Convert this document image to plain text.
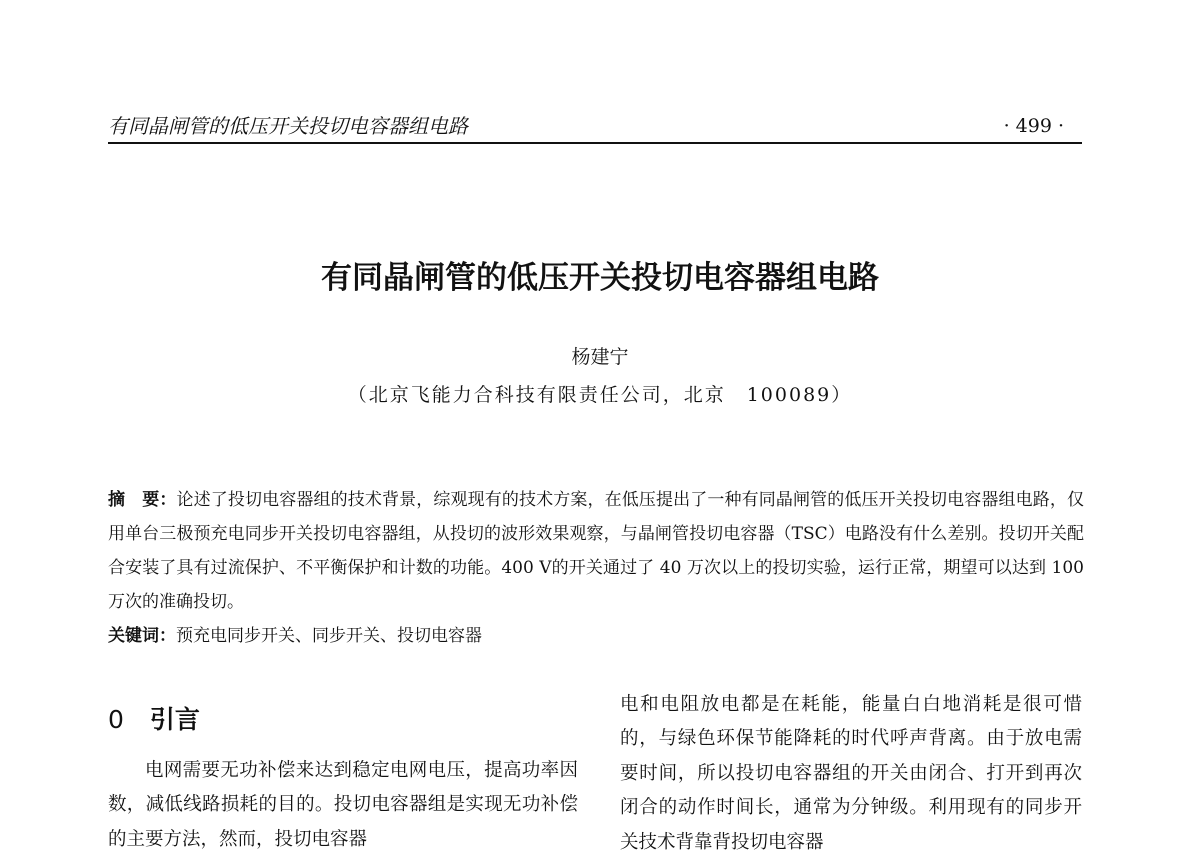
有同晶闸管的低压开关投切电容器组电路	· 499 ·
有同晶闸管的低压开关投切电容器组电路
杨建宁
（北京飞能力合科技有限责任公司，北京　100089）
摘　要：论述了投切电容器组的技术背景，综观现有的技术方案，在低压提出了一种有同晶闸管的低压开关投切电容器组电路，仅用单台三极预充电同步开关投切电容器组，从投切的波形效果观察，与晶闸管投切电容器（TSC）电路没有什么差别。投切开关配合安装了具有过流保护、不平衡保护和计数的功能。400 V的开关通过了 40 万次以上的投切实验，运行正常，期望可以达到 100 万次的准确投切。
关键词：预充电同步开关、同步开关、投切电容器
0 引言

电网需要无功补偿来达到稳定电网电压，提高功率因数，减低线路损耗的目的。投切电容器组是实现无功补偿的主要方法，然而，投切电容器

电和电阻放电都是在耗能，能量白白地消耗是很可惜的，与绿色环保节能降耗的时代呼声背离。由于放电需要时间，所以投切电容器组的开关由闭合、打开到再次闭合的动作时间长，通常为分钟级。利用现有的同步开关技术背靠背投切电容器
